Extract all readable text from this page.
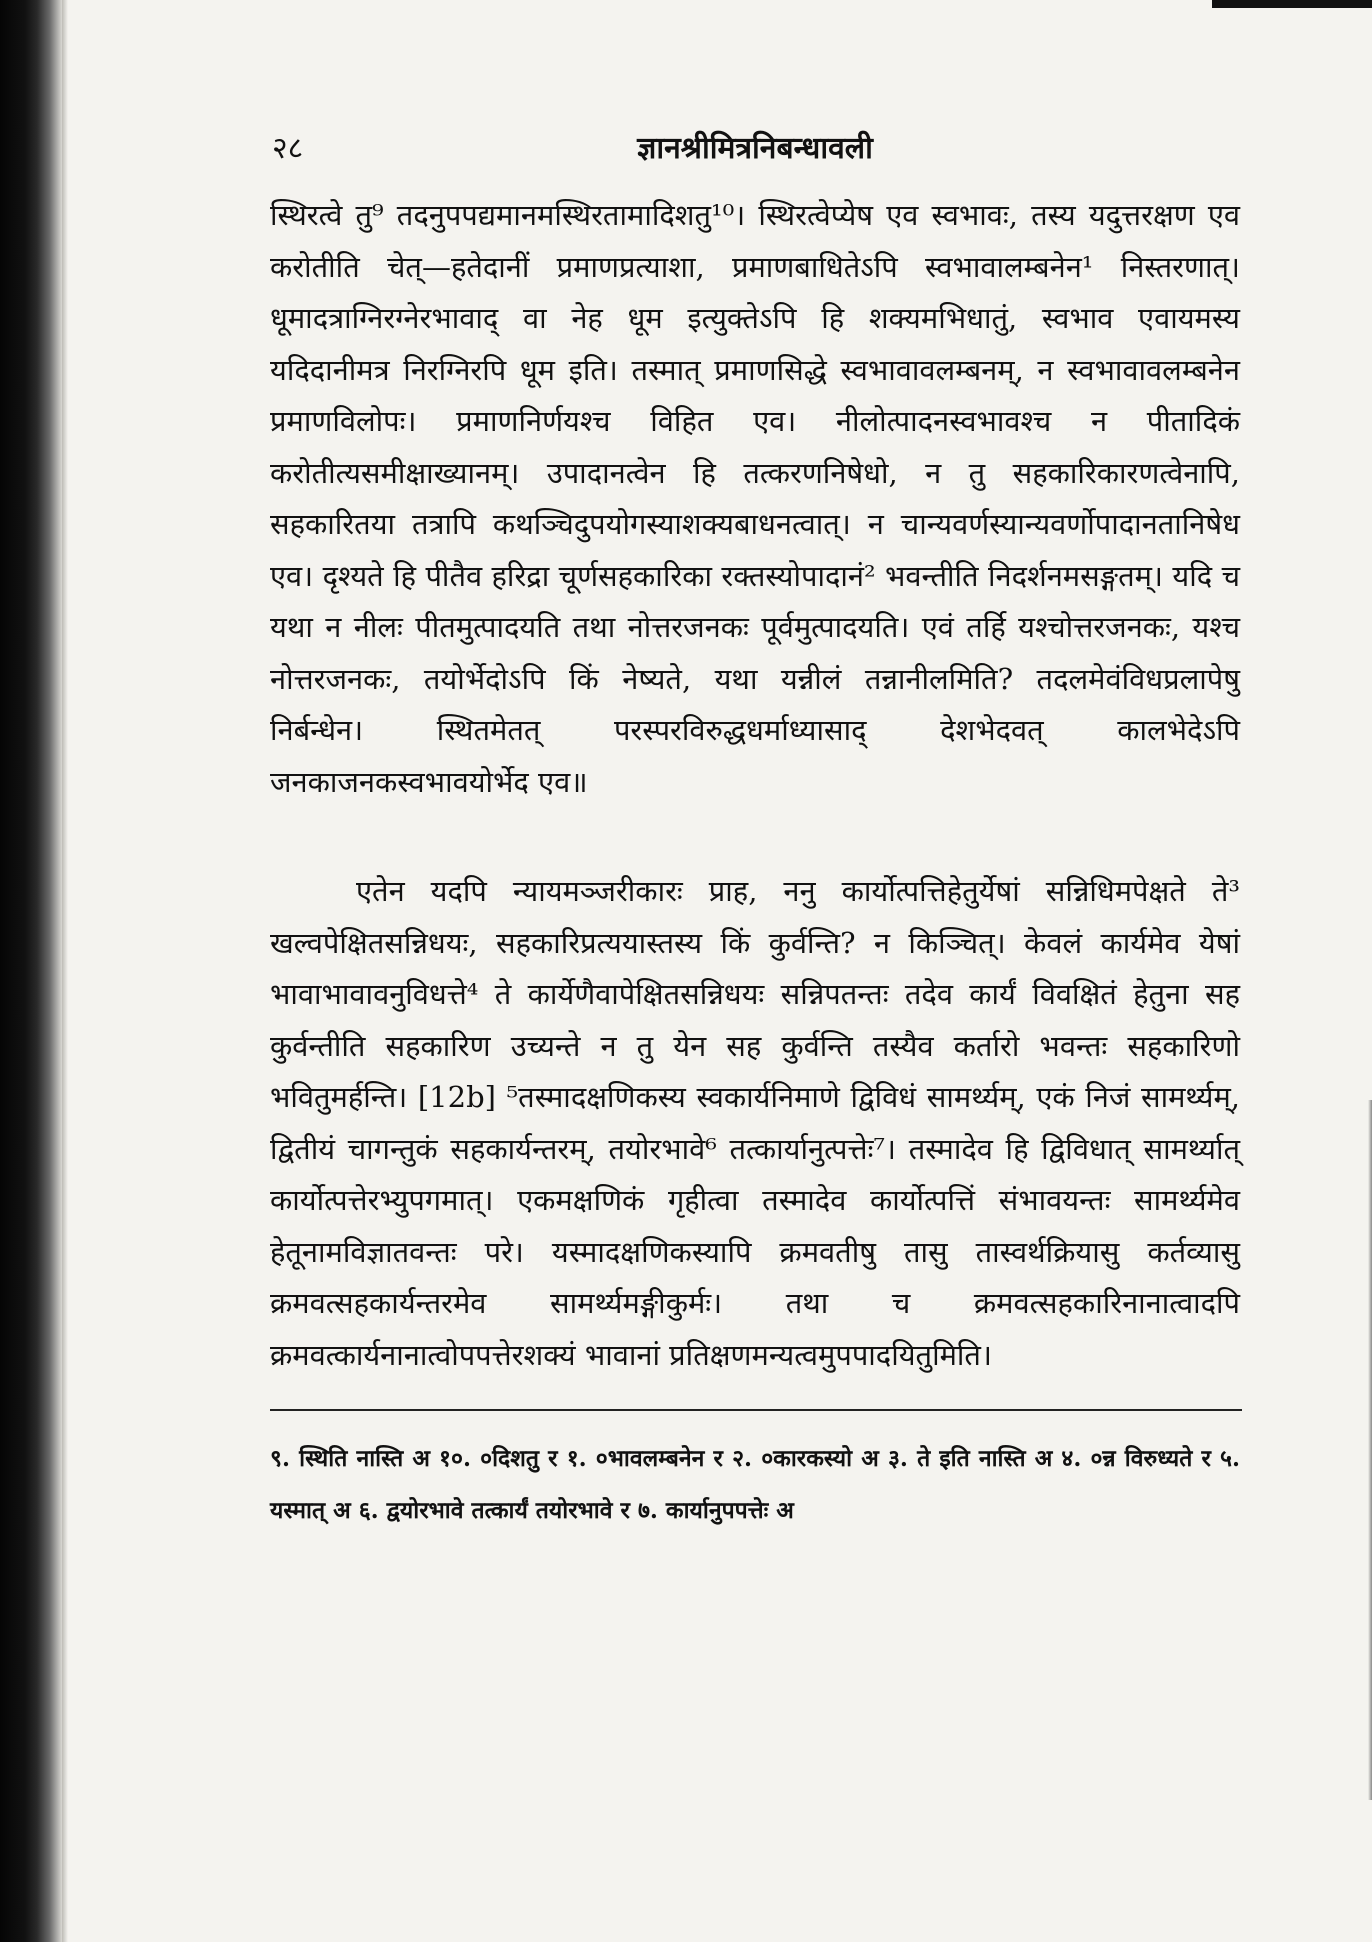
२८	ज्ञानश्रीमित्रनिबन्धावली

स्थिरत्वे तु⁹ तदनुपपद्यमानमस्थिरतामादिशतु¹⁰। स्थिरत्वेप्येष एव स्वभावः, तस्य यदुत्तरक्षण एव करोतीति चेत्—हतेदानीं प्रमाणप्रत्याशा, प्रमाणबाधितेऽपि स्वभावालम्बनेन¹ निस्तरणात्। धूमादत्राग्निरग्नेरभावाद् वा नेह धूम इत्युक्तेऽपि हि शक्यमभिधातुं, स्वभाव एवायमस्य यदिदानीमत्र निरग्निरपि धूम इति। तस्मात् प्रमाणसिद्धे स्वभावावलम्बनम्, न स्वभावावलम्बनेन प्रमाणविलोपः। प्रमाणनिर्णयश्च विहित एव। नीलोत्पादनस्वभावश्च न पीतादिकं करोतीत्यसमीक्षाख्यानम्। उपादानत्वेन हि तत्करणनिषेधो, न तु सहकारिकारणत्वेनापि, सहकारितया तत्रापि कथञ्चिदुपयोगस्याशक्यबाधनत्वात्। न चान्यवर्णस्यान्यवर्णोपादानतानिषेध एव। दृश्यते हि पीतैव हरिद्रा चूर्णसहकारिका रक्तस्योपादानं² भवन्तीति निदर्शनमसङ्गतम्। यदि च यथा न नीलः पीतमुत्पादयति तथा नोत्तरजनकः पूर्वमुत्पादयति। एवं तर्हि यश्चोत्तरजनकः, यश्च नोत्तरजनकः, तयोर्भेदोऽपि किं नेष्यते, यथा यन्नीलं तन्नानीलमिति? तदलमेवंविधप्रलापेषु निर्बन्धेन। स्थितमेतत् परस्परविरुद्धधर्माध्यासाद् देशभेदवत् कालभेदेऽपि जनकाजनकस्वभावयोर्भेद एव॥

एतेन यदपि न्यायमञ्जरीकारः प्राह, ननु कार्योत्पत्तिहेतुर्येषां सन्निधिमपेक्षते ते³ खल्वपेक्षितसन्निधयः, सहकारिप्रत्ययास्तस्य किं कुर्वन्ति? न किञ्चित्। केवलं कार्यमेव येषां भावाभावावनुविधत्ते⁴ ते कार्येणैवापेक्षितसन्निधयः सन्निपतन्तः तदेव कार्यं विवक्षितं हेतुना सह कुर्वन्तीति सहकारिण उच्यन्ते न तु येन सह कुर्वन्ति तस्यैव कर्तारो भवन्तः सहकारिणो भवितुमर्हन्ति। [12b] ⁵तस्मादक्षणिकस्य स्वकार्यनिमाणे द्विविधं सामर्थ्यम्, एकं निजं सामर्थ्यम्, द्वितीयं चागन्तुकं सहकार्यन्तरम्, तयोरभावे⁶ तत्कार्यानुत्पत्तेः⁷। तस्मादेव हि द्विविधात् सामर्थ्यात् कार्योत्पत्तेरभ्युपगमात्। एकमक्षणिकं गृहीत्वा तस्मादेव कार्योत्पत्तिं संभावयन्तः सामर्थ्यमेव हेतूनामविज्ञातवन्तः परे। यस्मादक्षणिकस्यापि क्रमवतीषु तासु तास्वर्थक्रियासु कर्तव्यासु क्रमवत्सहकार्यन्तरमेव सामर्थ्यमङ्गीकुर्मः। तथा च क्रमवत्सहकारिनानात्वादपि क्रमवत्कार्यनानात्वोपपत्तेरशक्यं भावानां प्रतिक्षणमन्यत्वमुपपादयितुमिति।

९. स्थिति नास्ति अ १०. ०दिशतु र १. ०भावलम्बनेन र २. ०कारकस्यो अ ३. ते इति नास्ति अ ४. ०न्न विरुध्यते र ५. यस्मात् अ ६. द्वयोरभावे तत्कार्यं तयोरभावे र ७. कार्यानुपपत्तेः अ
